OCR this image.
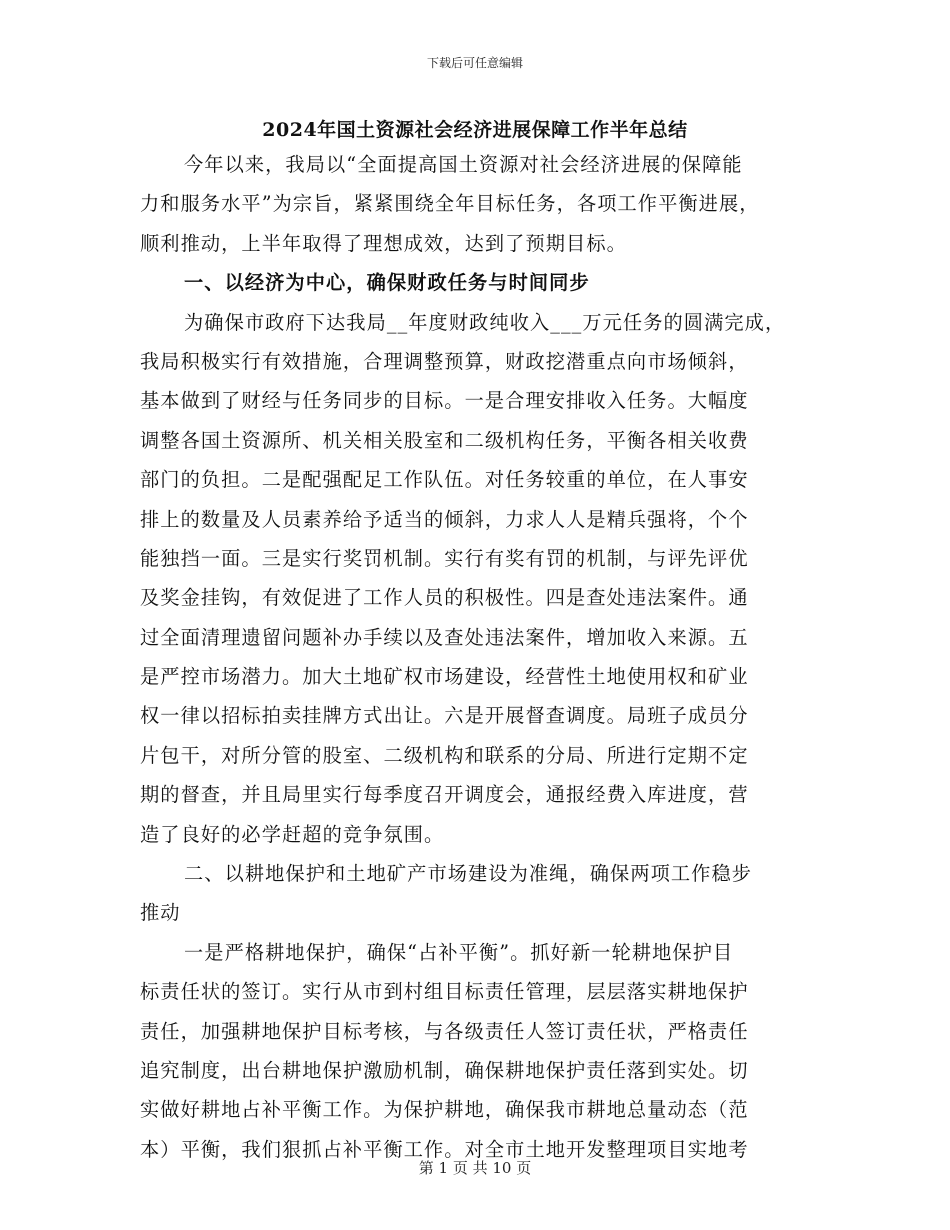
下载后可任意编辑
2024年国土资源社会经济进展保障工作半年总结
今年以来，我局以“全面提高国土资源对社会经济进展的保障能
力和服务水平”为宗旨，紧紧围绕全年目标任务，各项工作平衡进展，
顺利推动，上半年取得了理想成效，达到了预期目标。
一、以经济为中心，确保财政任务与时间同步
为确保市政府下达我局__年度财政纯收入___万元任务的圆满完成，
我局积极实行有效措施，合理调整预算，财政挖潜重点向市场倾斜，
基本做到了财经与任务同步的目标。一是合理安排收入任务。大幅度
调整各国土资源所、机关相关股室和二级机构任务，平衡各相关收费
部门的负担。二是配强配足工作队伍。对任务较重的单位，在人事安
排上的数量及人员素养给予适当的倾斜，力求人人是精兵强将，个个
能独挡一面。三是实行奖罚机制。实行有奖有罚的机制，与评先评优
及奖金挂钩，有效促进了工作人员的积极性。四是查处违法案件。通
过全面清理遗留问题补办手续以及查处违法案件，增加收入来源。五
是严控市场潜力。加大土地矿权市场建设，经营性土地使用权和矿业
权一律以招标拍卖挂牌方式出让。六是开展督查调度。局班子成员分
片包干，对所分管的股室、二级机构和联系的分局、所进行定期不定
期的督查，并且局里实行每季度召开调度会，通报经费入库进度，营
造了良好的必学赶超的竞争氛围。
二、以耕地保护和土地矿产市场建设为准绳，确保两项工作稳步
推动
一是严格耕地保护，确保“占补平衡”。抓好新一轮耕地保护目
标责任状的签订。实行从市到村组目标责任管理，层层落实耕地保护
责任，加强耕地保护目标考核，与各级责任人签订责任状，严格责任
追究制度，出台耕地保护激励机制，确保耕地保护责任落到实处。切
实做好耕地占补平衡工作。为保护耕地，确保我市耕地总量动态（范
本）平衡，我们狠抓占补平衡工作。对全市土地开发整理项目实地考
第 1 页 共 10 页
